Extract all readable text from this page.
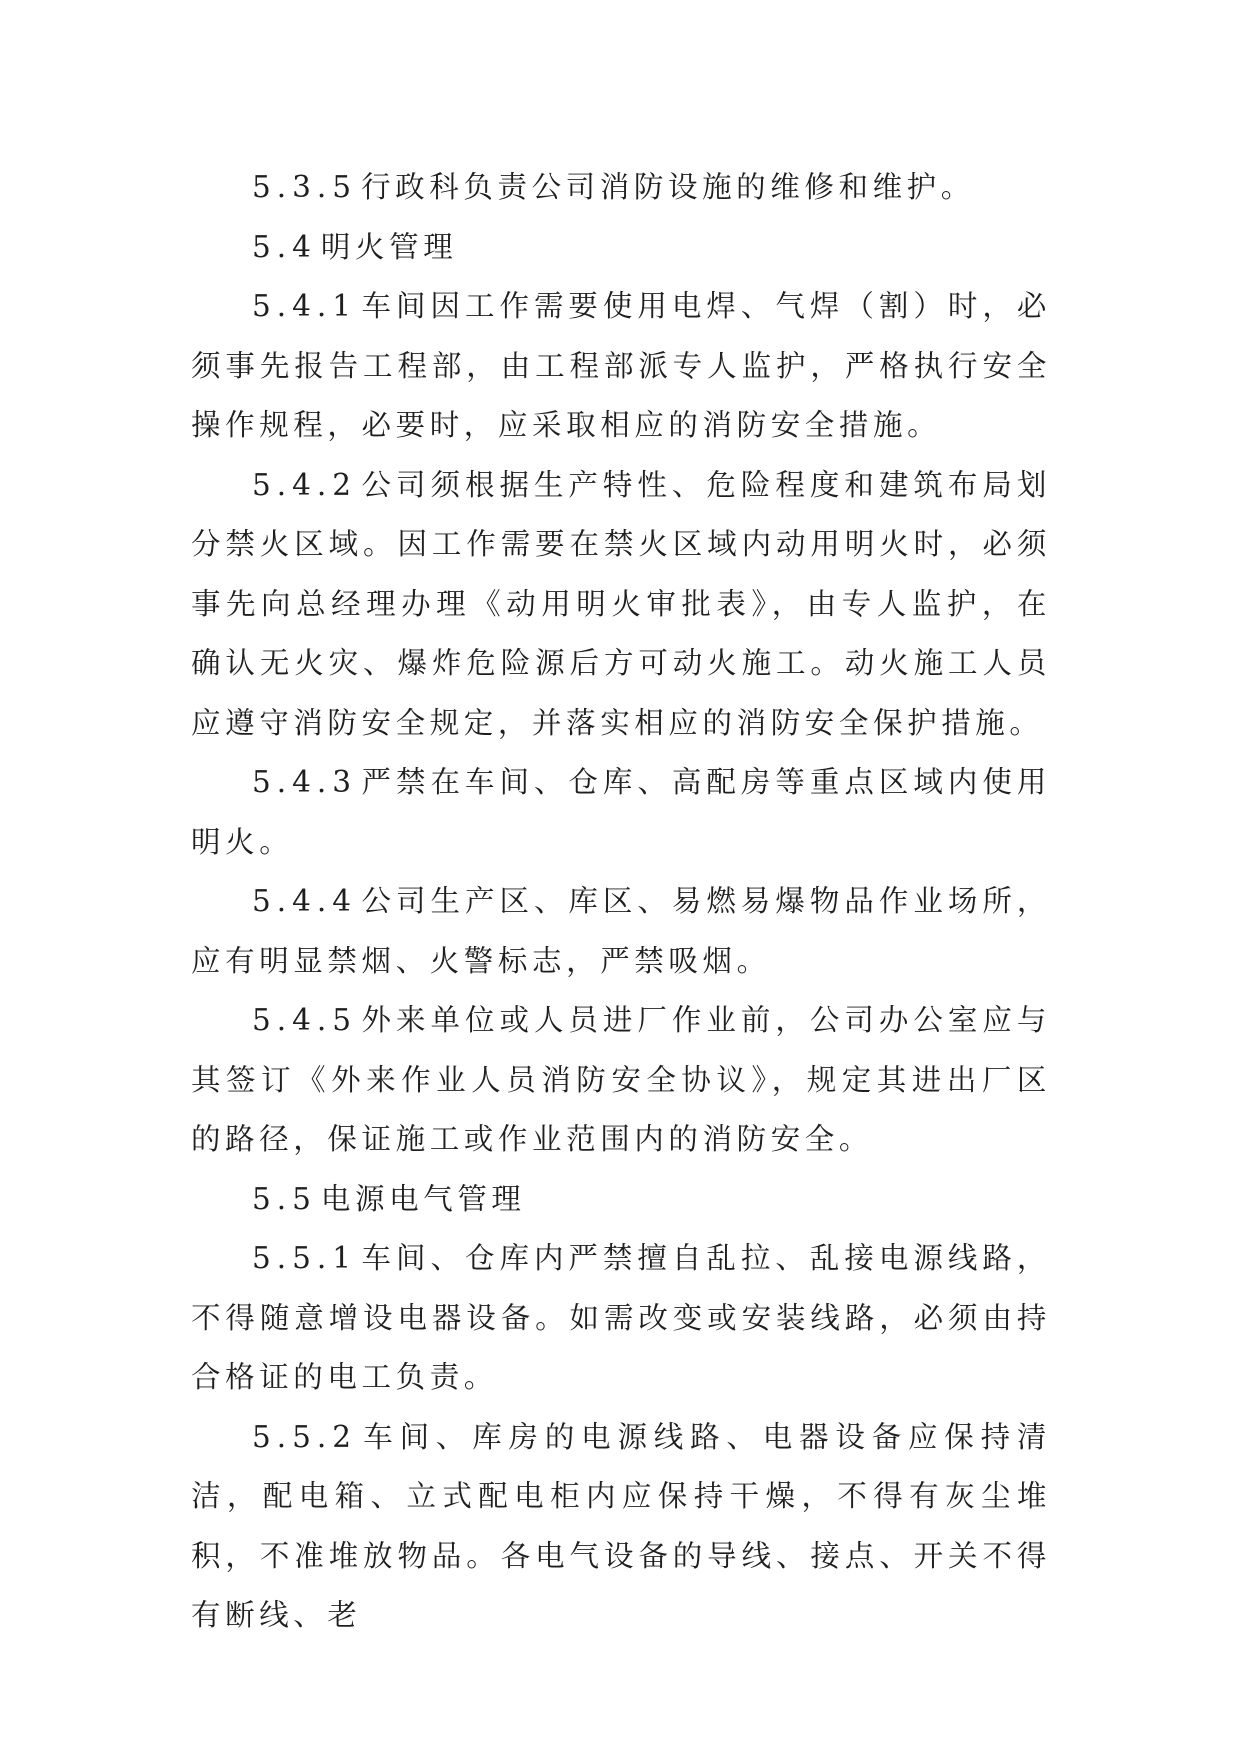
5.3.5 行政科负责公司消防设施的维修和维护。

5.4 明火管理

5.4.1 车间因工作需要使用电焊、气焊（割）时，必须事先报告工程部，由工程部派专人监护，严格执行安全操作规程，必要时，应采取相应的消防安全措施。

5.4.2 公司须根据生产特性、危险程度和建筑布局划分禁火区域。因工作需要在禁火区域内动用明火时，必须事先向总经理办理《动用明火审批表》，由专人监护，在确认无火灾、爆炸危险源后方可动火施工。动火施工人员应遵守消防安全规定，并落实相应的消防安全保护措施。

5.4.3 严禁在车间、仓库、高配房等重点区域内使用明火。

5.4.4 公司生产区、库区、易燃易爆物品作业场所，应有明显禁烟、火警标志，严禁吸烟。

5.4.5 外来单位或人员进厂作业前，公司办公室应与其签订《外来作业人员消防安全协议》，规定其进出厂区的路径，保证施工或作业范围内的消防安全。

5.5 电源电气管理

5.5.1 车间、仓库内严禁擅自乱拉、乱接电源线路，不得随意增设电器设备。如需改变或安装线路，必须由持合格证的电工负责。

5.5.2 车间、库房的电源线路、电器设备应保持清洁，配电箱、立式配电柜内应保持干燥，不得有灰尘堆积，不准堆放物品。各电气设备的导线、接点、开关不得有断线、老
